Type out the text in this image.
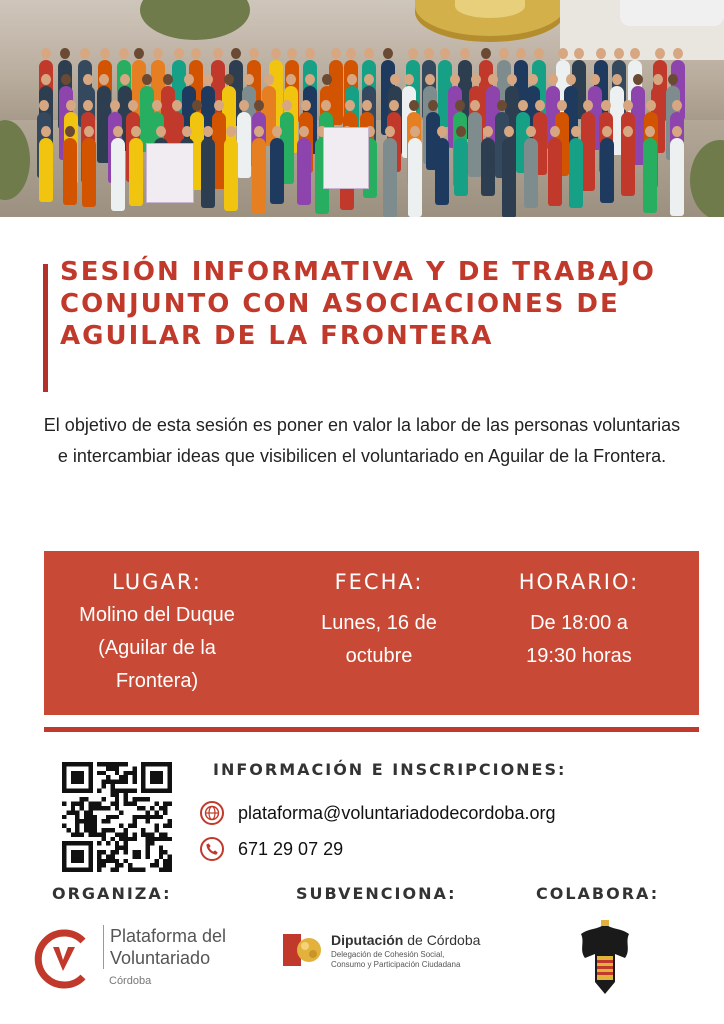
SESIÓN INFORMATIVA Y DE TRABAJO CONJUNTO CON ASOCIACIONES DE AGUILAR DE LA FRONTERA

El objetivo de esta sesión es poner en valor la labor de las personas voluntarias e intercambiar ideas que visibilicen el voluntariado en Aguilar de la Frontera.

LUGAR:
Molino del Duque (Aguilar de la Frontera)
FECHA:
Lunes, 16 de octubre
HORARIO:
De 18:00 a 19:30 horas
INFORMACIÓN E INSCRIPCIONES:
plataforma@voluntariadodecordoba.org
671 29 07 29
ORGANIZA:	SUBVENCIONA:	COLABORA:
Plataforma del Voluntariado
Córdoba
Diputación de Córdoba
Delegación de Cohesión Social,
Consumo y Participación Ciudadana
